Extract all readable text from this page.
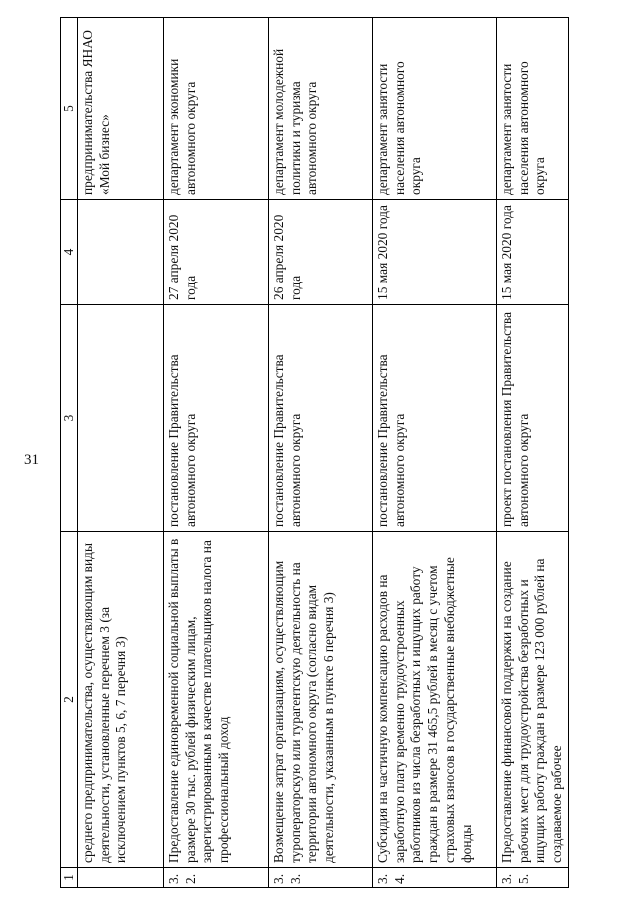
31
1	2	3	4	5
	среднего предпринимательства, осуществляющим виды деятельности, установленные перечнем 3 (за исключением пунктов 5, 6, 7 перечня 3)			предпринимательства ЯНАО «Мой бизнес»
3.2.	Предоставление единовременной социальной выплаты в размере 30 тыс. рублей физическим лицам, зарегистрированным в качестве плательщиков налога на профессиональный доход	постановление Правительства автономного округа	27 апреля 2020 года	департамент экономики автономного округа
3.3.	Возмещение затрат организациям, осуществляющим туроператорскую или турагентскую деятельность на территории автономного округа (согласно видам деятельности, указанным в пункте 6 перечня 3)	постановление Правительства автономного округа	26 апреля 2020 года	департамент молодежной политики и туризма автономного округа
3.4.	Субсидия на частичную компенсацию расходов на заработную плату временно трудоустроенных работников из числа безработных и ищущих работу граждан в размере 31 465,5 рублей в месяц с учетом страховых взносов в государственные внебюджетные фонды	постановление Правительства автономного округа	15 мая 2020 года	департамент занятости населения автономного округа
3.5.	Предоставление финансовой поддержки на создание рабочих мест для трудоустройства безработных и ищущих работу граждан в размере 123 000 рублей на создаваемое рабочее	проект постановления Правительства автономного округа	15 мая 2020 года	департамент занятости населения автономного округа
